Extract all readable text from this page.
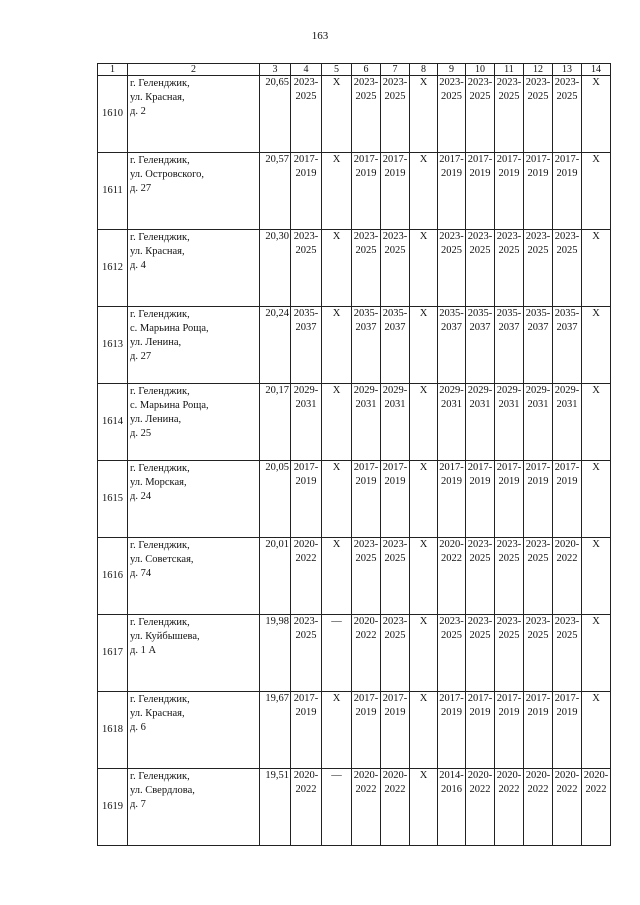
163
1	2	3	4	5	6	7	8	9	10	11	12	13	14
1610	г. Геленджик,
ул. Красная,
д. 2	20,65	2023-
2025	X	2023-
2025	2023-
2025	X	2023-
2025	2023-
2025	2023-
2025	2023-
2025	2023-
2025	X

1611	г. Геленджик,
ул. Островского,
д. 27	20,57	2017-
2019	X	2017-
2019	2017-
2019	X	2017-
2019	2017-
2019	2017-
2019	2017-
2019	2017-
2019	X

1612	г. Геленджик,
ул. Красная,
д. 4	20,30	2023-
2025	X	2023-
2025	2023-
2025	X	2023-
2025	2023-
2025	2023-
2025	2023-
2025	2023-
2025	X

1613	г. Геленджик,
с. Марьина Роща,
ул. Ленина,
д. 27	20,24	2035-
2037	X	2035-
2037	2035-
2037	X	2035-
2037	2035-
2037	2035-
2037	2035-
2037	2035-
2037	X

1614	г. Геленджик,
с. Марьина Роща,
ул. Ленина,
д. 25	20,17	2029-
2031	X	2029-
2031	2029-
2031	X	2029-
2031	2029-
2031	2029-
2031	2029-
2031	2029-
2031	X

1615	г. Геленджик,
ул. Морская,
д. 24	20,05	2017-
2019	X	2017-
2019	2017-
2019	X	2017-
2019	2017-
2019	2017-
2019	2017-
2019	2017-
2019	X

1616	г. Геленджик,
ул. Советская,
д. 74	20,01	2020-
2022	X	2023-
2025	2023-
2025	X	2020-
2022	2023-
2025	2023-
2025	2023-
2025	2020-
2022	X

1617	г. Геленджик,
ул. Куйбышева,
д. 1 А	19,98	2023-
2025	—	2020-
2022	2023-
2025	X	2023-
2025	2023-
2025	2023-
2025	2023-
2025	2023-
2025	X

1618	г. Геленджик,
ул. Красная,
д. 6	19,67	2017-
2019	X	2017-
2019	2017-
2019	X	2017-
2019	2017-
2019	2017-
2019	2017-
2019	2017-
2019	X

1619	г. Геленджик,
ул. Свердлова,
д. 7	19,51	2020-
2022	—	2020-
2022	2020-
2022	X	2014-
2016	2020-
2022	2020-
2022	2020-
2022	2020-
2022	2020-
2022
